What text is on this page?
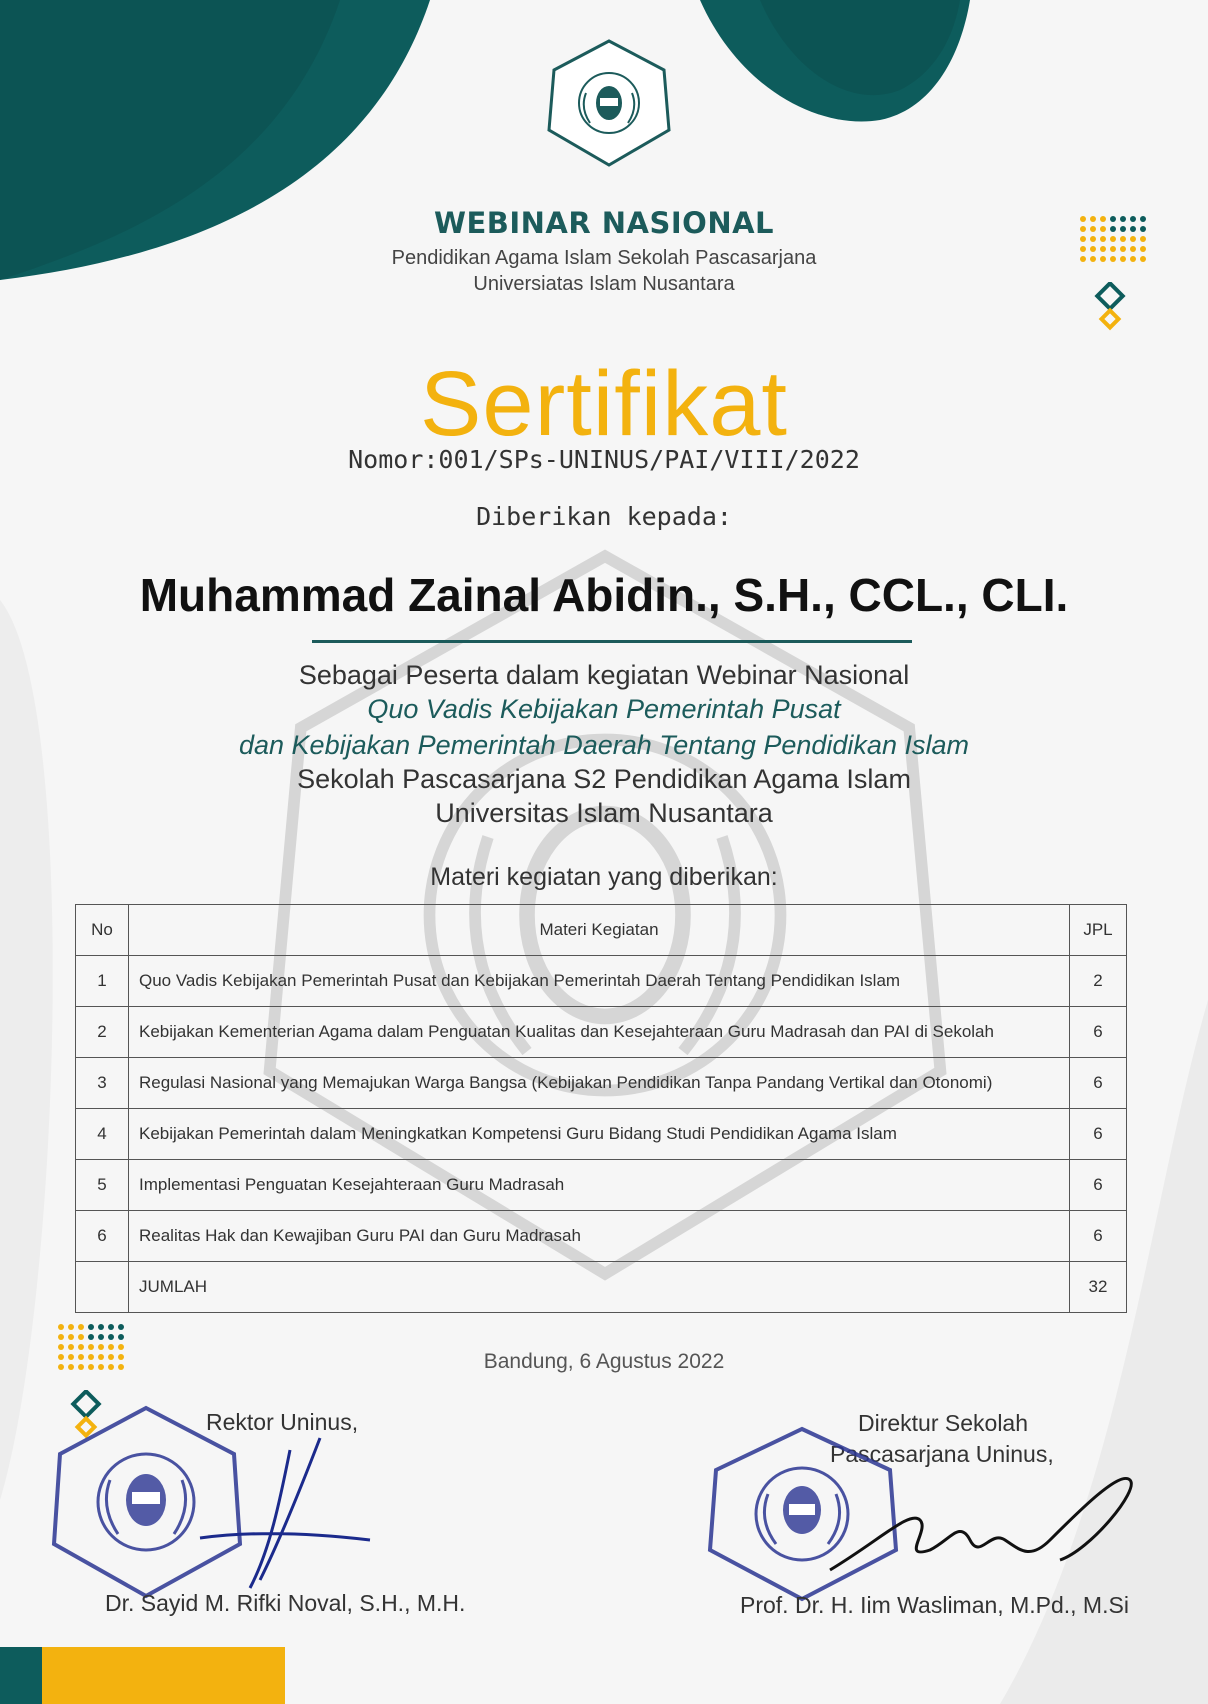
WEBINAR NASIONAL
Pendidikan Agama Islam Sekolah Pascasarjana
Universiatas Islam Nusantara
Sertifikat
Nomor:001/SPs-UNINUS/PAI/VIII/2022
Diberikan kepada:
Muhammad Zainal Abidin., S.H., CCL., CLI.
Sebagai Peserta dalam kegiatan Webinar Nasional
Quo Vadis Kebijakan Pemerintah Pusat
dan Kebijakan Pemerintah Daerah Tentang Pendidikan Islam
Sekolah Pascasarjana S2 Pendidikan Agama Islam
Universitas Islam Nusantara
Materi kegiatan yang diberikan:
No	Materi Kegiatan	JPL
1	Quo Vadis Kebijakan Pemerintah Pusat dan Kebijakan Pemerintah Daerah Tentang Pendidikan Islam	2
2	Kebijakan Kementerian Agama dalam Penguatan Kualitas dan Kesejahteraan Guru Madrasah dan PAI di Sekolah	6
3	Regulasi Nasional yang Memajukan Warga Bangsa (Kebijakan Pendidikan Tanpa Pandang Vertikal dan Otonomi)	6
4	Kebijakan Pemerintah dalam Meningkatkan Kompetensi Guru Bidang Studi Pendidikan Agama Islam	6
5	Implementasi Penguatan Kesejahteraan Guru Madrasah	6
6	Realitas Hak dan Kewajiban Guru PAI dan Guru Madrasah	6
	JUMLAH	32
Bandung, 6 Agustus 2022
Rektor Uninus,
Dr. Sayid M. Rifki Noval, S.H., M.H.
Direktur Sekolah
Pascasarjana Uninus,
Prof. Dr. H. Iim Wasliman, M.Pd., M.Si
